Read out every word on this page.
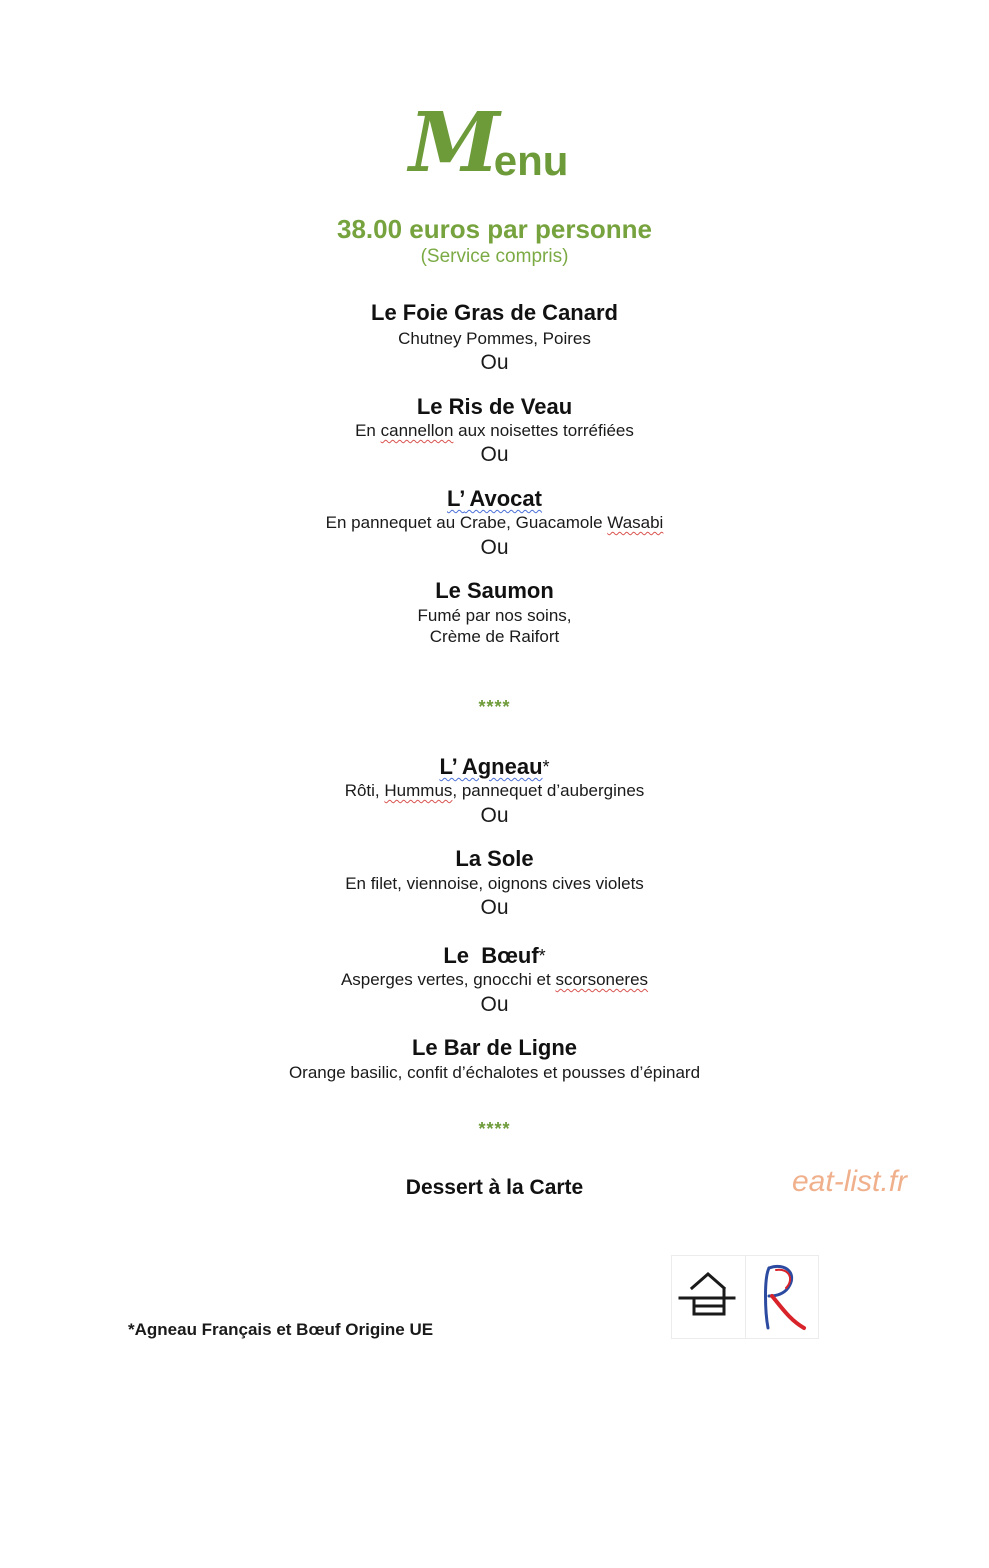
Menu
38.00 euros par personne
(Service compris)
Le Foie Gras de Canard
Chutney Pommes, Poires
Ou
Le Ris de Veau
En cannellon aux noisettes torréfiées
Ou
L’ Avocat
En pannequet au Crabe, Guacamole Wasabi
Ou
Le Saumon
Fumé par nos soins,
Crème de Raifort
****
L’ Agneau*
Rôti, Hummus, pannequet d’aubergines
Ou
La Sole
En filet, viennoise, oignons cives violets
Ou
Le  Bœuf*
Asperges vertes, gnocchi et scorsoneres
Ou
Le Bar de Ligne
Orange basilic, confit d’échalotes et pousses d’épinard
****
Dessert à la Carte	eat-list.fr
*Agneau Français et Bœuf Origine UE
